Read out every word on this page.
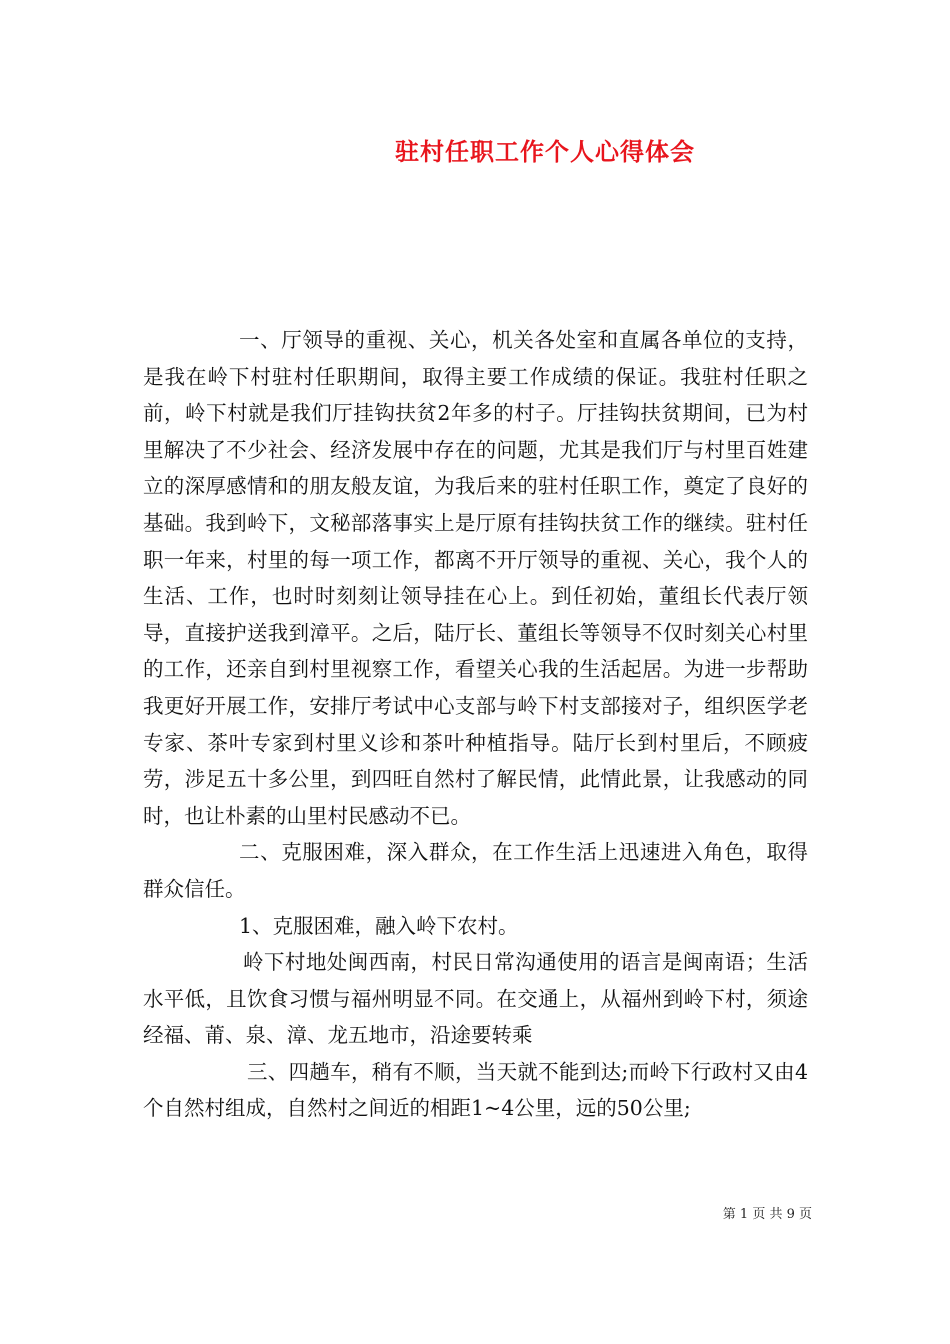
驻村任职工作个人心得体会

一、厅领导的重视、关心，机关各处室和直属各单位的支持，是我在岭下村驻村任职期间，取得主要工作成绩的保证。我驻村任职之前，岭下村就是我们厅挂钩扶贫2年多的村子。厅挂钩扶贫期间，已为村里解决了不少社会、经济发展中存在的问题，尤其是我们厅与村里百姓建立的深厚感情和的朋友般友谊，为我后来的驻村任职工作，奠定了良好的基础。我到岭下，文秘部落事实上是厅原有挂钩扶贫工作的继续。驻村任职一年来，村里的每一项工作，都离不开厅领导的重视、关心，我个人的生活、工作，也时时刻刻让领导挂在心上。到任初始，董组长代表厅领导，直接护送我到漳平。之后，陆厅长、董组长等领导不仅时刻关心村里的工作，还亲自到村里视察工作，看望关心我的生活起居。为进一步帮助我更好开展工作，安排厅考试中心支部与岭下村支部接对子，组织医学老专家、茶叶专家到村里义诊和茶叶种植指导。陆厅长到村里后，不顾疲劳，涉足五十多公里，到四旺自然村了解民情，此情此景，让我感动的同时，也让朴素的山里村民感动不已。

二、克服困难，深入群众，在工作生活上迅速进入角色，取得群众信任。

1、克服困难，融入岭下农村。

岭下村地处闽西南，村民日常沟通使用的语言是闽南语；生活水平低，且饮食习惯与福州明显不同。在交通上，从福州到岭下村，须途经福、莆、泉、漳、龙五地市，沿途要转乘

三、四趟车，稍有不顺，当天就不能到达;而岭下行政村又由4个自然村组成，自然村之间近的相距1~4公里，远的50公里;

第 1 页 共 9 页
